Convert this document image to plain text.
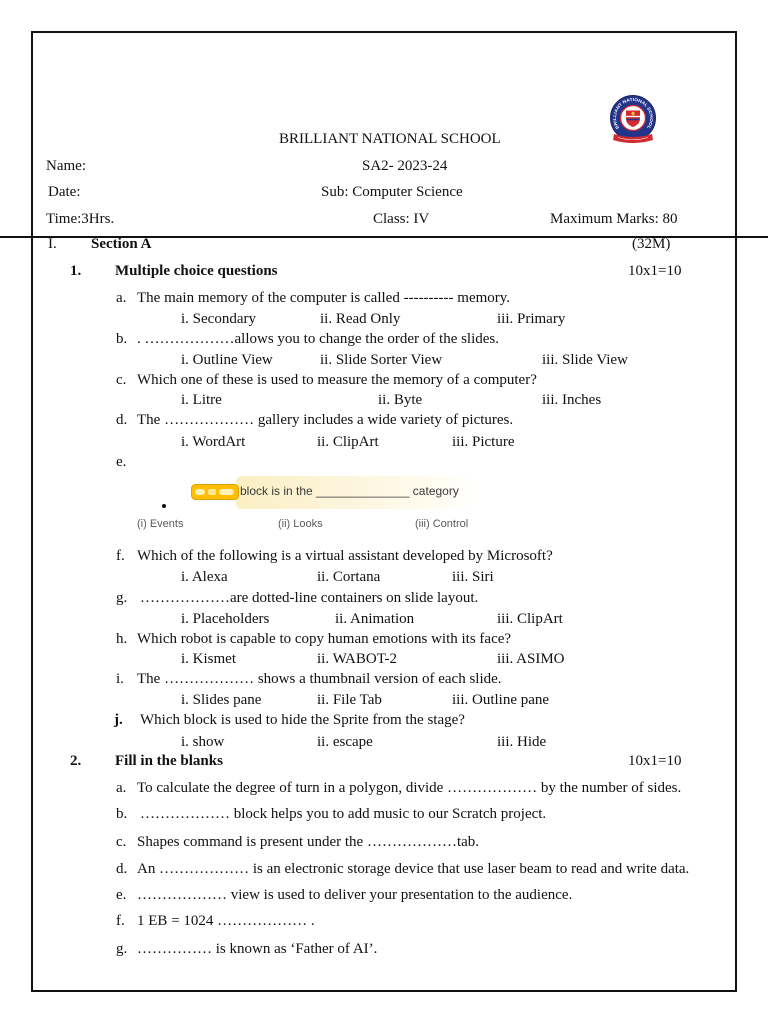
BRILLIANT NATIONAL SCHOOL
BRILLIANT NATIONAL SCHOOL
Name:	SA2- 2023-24
Date:	Sub: Computer Science
Time:3Hrs.	Class: IV	Maximum Marks: 80
I. Section A	(32M)
1. Multiple choice questions	10x1=10
a. The main memory of the computer is called ---------- memory.
i. Secondary	ii. Read Only	iii. Primary
b. . ………………allows you to change the order of the slides.
i. Outline View	ii. Slide Sorter View	iii. Slide View
c. Which one of these is used to measure the memory of a computer?
i. Litre	ii. Byte	iii. Inches
d. The ……………… gallery includes a wide variety of pictures.
i. WordArt	ii. ClipArt	iii. Picture
e.
block is in the ______________ category
(i) Events	(ii) Looks	(iii) Control
f. Which of the following is a virtual assistant developed by Microsoft?
i. Alexa	ii. Cortana	iii. Siri
g. ………………are dotted-line containers on slide layout.
i. Placeholders	ii. Animation	iii. ClipArt
h. Which robot is capable to copy human emotions with its face?
i. Kismet	ii. WABOT-2	iii. ASIMO
i. The ……………… shows a thumbnail version of each slide.
i. Slides pane	ii. File Tab	iii. Outline pane
j. Which block is used to hide the Sprite from the stage?
i. show	ii. escape	iii. Hide
2. Fill in the blanks	10x1=10
a. To calculate the degree of turn in a polygon, divide ……………… by the number of sides.
b. ……………… block helps you to add music to our Scratch project.
c. Shapes command is present under the ………………tab.
d. An ……………… is an electronic storage device that use laser beam to read and write data.
e. ……………… view is used to deliver your presentation to the audience.
f. 1 EB = 1024 ……………… .
g. …………… is known as ‘Father of AI’.
